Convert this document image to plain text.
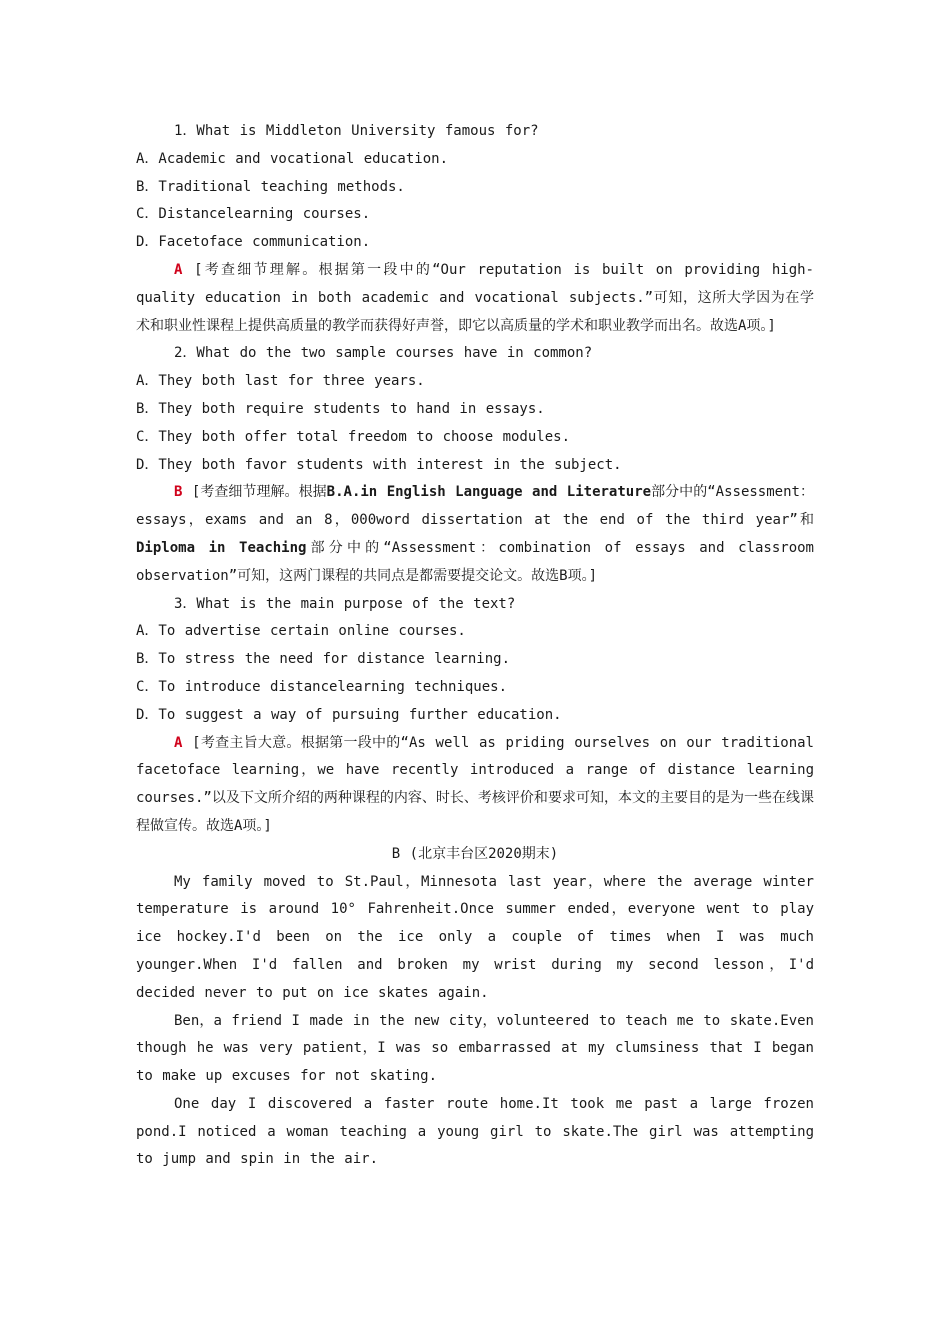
1．What is Middleton University famous for?

A．Academic and vocational education.

B．Traditional teaching methods.

C．Distancelearning courses.

D．Facetoface communication.

A [考查细节理解。根据第一段中的“Our reputation is built on providing high-quality education in both academic and vocational subjects.”可知，这所大学因为在学术和职业性课程上提供高质量的教学而获得好声誉，即它以高质量的学术和职业教学而出名。故选A项。]

2．What do the two sample courses have in common?

A．They both last for three years.

B．They both require students to hand in essays.

C．They both offer total freedom to choose modules.

D．They both favor students with interest in the subject.

B [考查细节理解。根据B.A.in English Language and Literature部分中的“Assessment：essays，exams and an 8，000word dissertation at the end of the third year”和Diploma in Teaching部分中的“Assessment：combination of essays and classroom observation”可知，这两门课程的共同点是都需要提交论文。故选B项。]

3．What is the main purpose of the text?

A．To advertise certain online courses.

B．To stress the need for distance learning.

C．To introduce distancelearning techniques.

D．To suggest a way of pursuing further education.

A [考查主旨大意。根据第一段中的“As well as priding ourselves on our traditional facetoface learning，we have recently introduced a range of distance learning courses.”以及下文所介绍的两种课程的内容、时长、考核评价和要求可知，本文的主要目的是为一些在线课程做宣传。故选A项。]

B (北京丰台区2020期末)

My family moved to St.Paul，Minnesota last year，where the average winter temperature is around 10° Fahrenheit.Once summer ended，everyone went to play ice hockey.I'd been on the ice only a couple of times when I was much younger.When I'd fallen and broken my wrist during my second lesson，I'd decided never to put on ice skates again.

Ben，a friend I made in the new city，volunteered to teach me to skate.Even though he was very patient，I was so embarrassed at my clumsiness that I began to make up excuses for not skating.

One day I discovered a faster route home.It took me past a large frozen pond.I noticed a woman teaching a young girl to skate.The girl was attempting to jump and spin in the air.
